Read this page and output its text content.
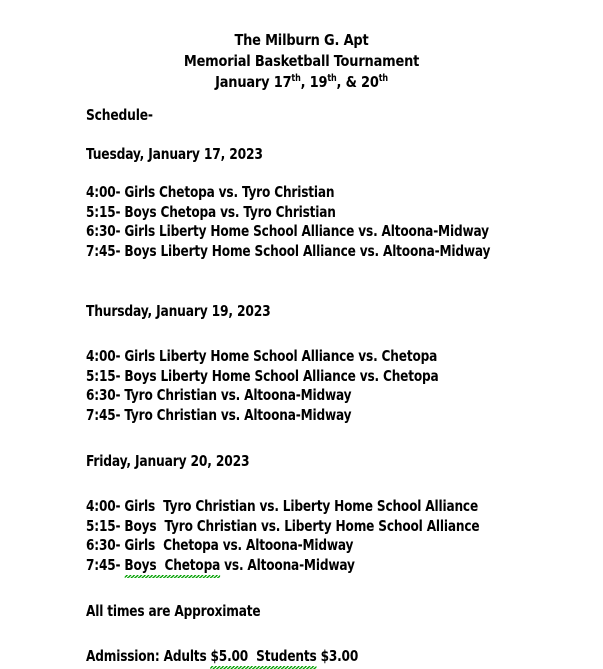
The Milburn G. Apt
Memorial Basketball Tournament
January 17th, 19th, & 20th
Schedule-
Tuesday, January 17, 2023
4:00- Girls Chetopa vs. Tyro Christian
5:15- Boys Chetopa vs. Tyro Christian
6:30- Girls Liberty Home School Alliance vs. Altoona-Midway
7:45- Boys Liberty Home School Alliance vs. Altoona-Midway
Thursday, January 19, 2023
4:00- Girls Liberty Home School Alliance vs. Chetopa
5:15- Boys Liberty Home School Alliance vs. Chetopa
6:30- Tyro Christian vs. Altoona-Midway
7:45- Tyro Christian vs. Altoona-Midway
Friday, January 20, 2023
4:00- Girls  Tyro Christian vs. Liberty Home School Alliance
5:15- Boys  Tyro Christian vs. Liberty Home School Alliance
6:30- Girls  Chetopa vs. Altoona-Midway
7:45- Boys  Chetopa vs. Altoona-Midway
All times are Approximate
Admission: Adults $5.00  Students $3.00
